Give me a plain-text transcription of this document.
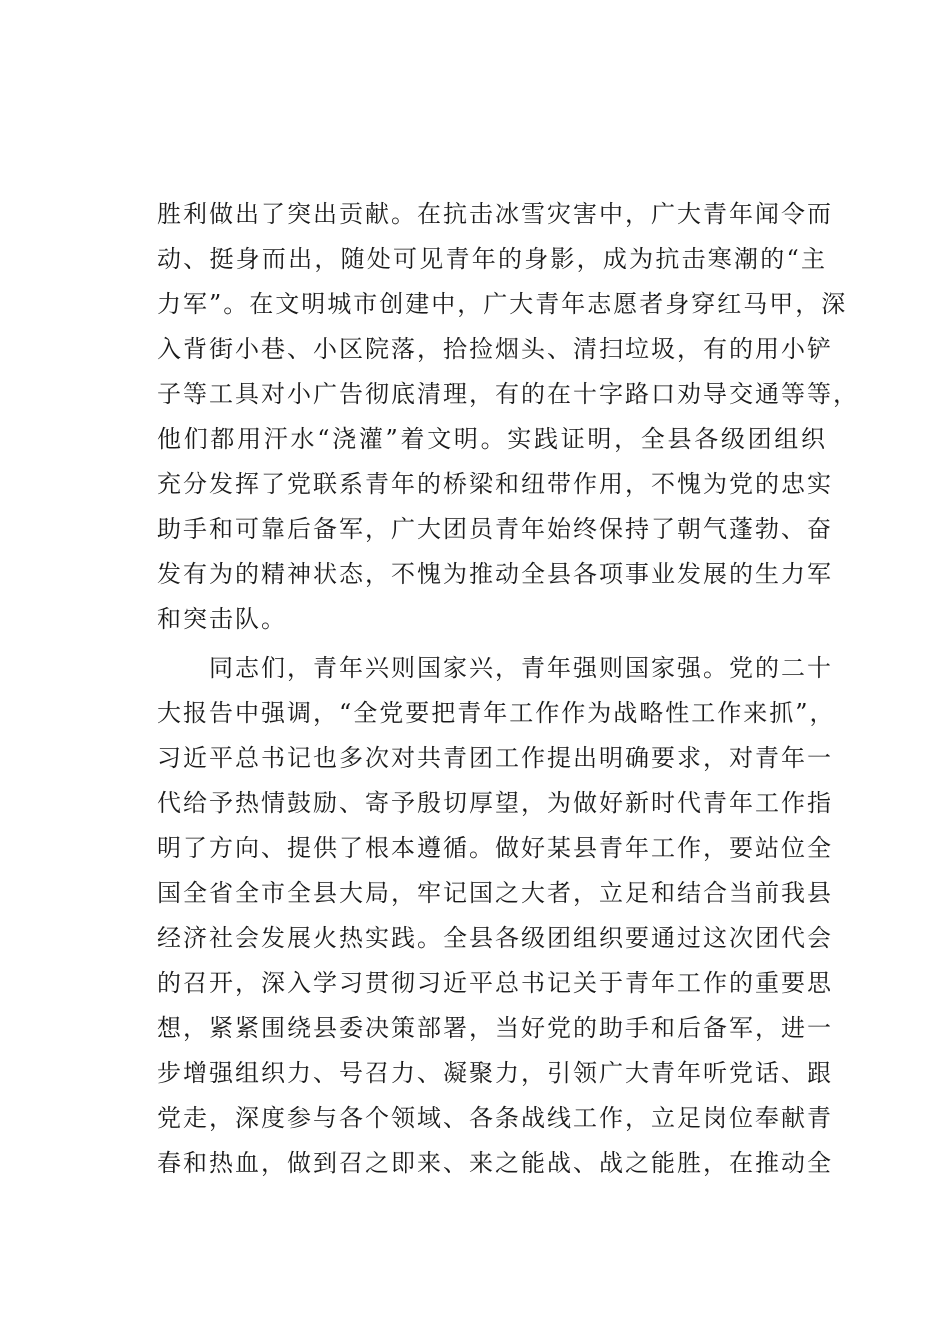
胜利做出了突出贡献。在抗击冰雪灾害中，广大青年闻令而
动、挺身而出，随处可见青年的身影，成为抗击寒潮的“主
力军”。在文明城市创建中，广大青年志愿者身穿红马甲，深
入背街小巷、小区院落，拾捡烟头、清扫垃圾，有的用小铲
子等工具对小广告彻底清理，有的在十字路口劝导交通等等，
他们都用汗水“浇灌”着文明。实践证明，全县各级团组织
充分发挥了党联系青年的桥梁和纽带作用，不愧为党的忠实
助手和可靠后备军，广大团员青年始终保持了朝气蓬勃、奋
发有为的精神状态，不愧为推动全县各项事业发展的生力军
和突击队。
同志们，青年兴则国家兴，青年强则国家强。党的二十
大报告中强调，“全党要把青年工作作为战略性工作来抓”，
习近平总书记也多次对共青团工作提出明确要求，对青年一
代给予热情鼓励、寄予殷切厚望，为做好新时代青年工作指
明了方向、提供了根本遵循。做好某县青年工作，要站位全
国全省全市全县大局，牢记国之大者，立足和结合当前我县
经济社会发展火热实践。全县各级团组织要通过这次团代会
的召开，深入学习贯彻习近平总书记关于青年工作的重要思
想，紧紧围绕县委决策部署，当好党的助手和后备军，进一
步增强组织力、号召力、凝聚力，引领广大青年听党话、跟
党走，深度参与各个领域、各条战线工作，立足岗位奉献青
春和热血，做到召之即来、来之能战、战之能胜，在推动全
